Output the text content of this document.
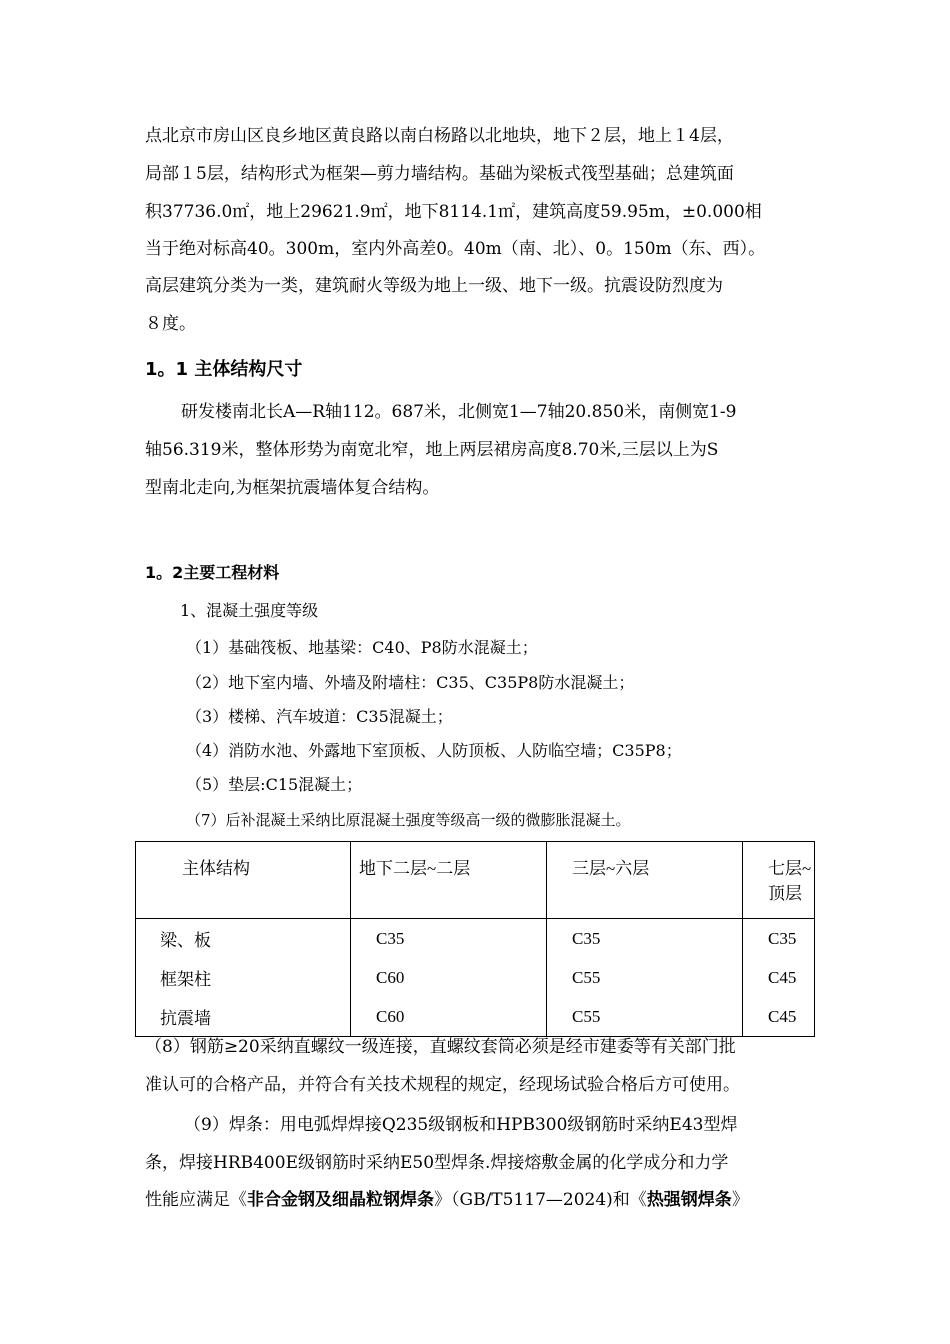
点北京市房山区良乡地区黄良路以南白杨路以北地块，地下２层，地上１4层，
局部１5层，结构形式为框架—剪力墙结构。基础为梁板式筏型基础；总建筑面
积37736.0㎡，地上29621.9㎡，地下8114.1㎡，建筑高度59.95m，±0.000相
当于绝对标高40。300m，室内外高差0。40m（南、北）、0。150m（东、西）。
高层建筑分类为一类，建筑耐火等级为地上一级、地下一级。抗震设防烈度为
８度。
1。1 主体结构尺寸
研发楼南北长A—R轴112。687米，北侧宽1—7轴20.850米，南侧宽1-9
轴56.319米，整体形势为南宽北窄，地上两层裙房高度8.70米,三层以上为S
型南北走向,为框架抗震墙体复合结构。
1。2主要工程材料
1、混凝土强度等级
（1）基础筏板、地基梁：C40、P8防水混凝土；
（2）地下室内墙、外墙及附墙柱：C35、C35P8防水混凝土；
（3）楼梯、汽车坡道：C35混凝土；
（4）消防水池、外露地下室顶板、人防顶板、人防临空墙；C35P8；
（5）垫层:C15混凝土；
（7）后补混凝土采纳比原混凝土强度等级高一级的微膨胀混凝土。
主体结构	地下二层~二层	三层~六层	七层~顶层
梁、板	C35	C35	C35
框架柱	C60	C55	C45
抗震墙	C60	C55	C45
（8）钢筋≥20采纳直螺纹一级连接，直螺纹套筒必须是经市建委等有关部门批
准认可的合格产品，并符合有关技术规程的规定，经现场试验合格后方可使用。
（9）焊条：用电弧焊焊接Q235级钢板和HPB300级钢筋时采纳E43型焊
条，焊接HRB400E级钢筋时采纳E50型焊条.焊接熔敷金属的化学成分和力学
性能应满足《非合金钢及细晶粒钢焊条》（GB/T5117—2024)和《热强钢焊条》
